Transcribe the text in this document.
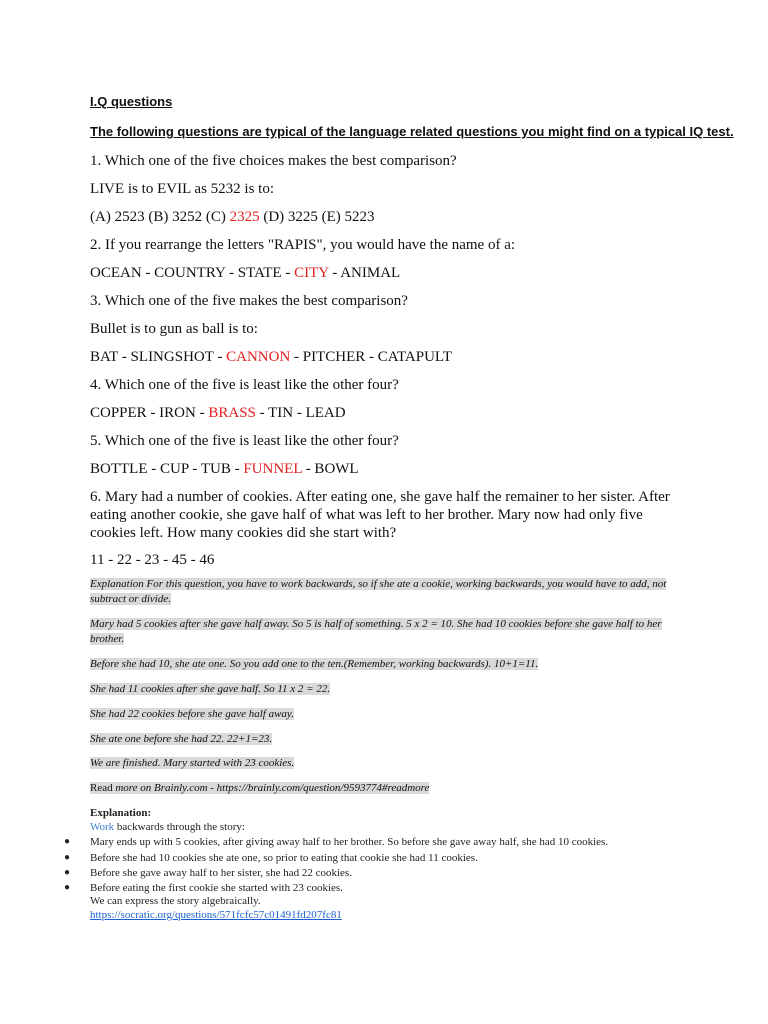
I.Q questions
The following questions are typical of the language related questions you might find on a typical IQ test.
1. Which one of the five choices makes the best comparison?
LIVE is to EVIL as 5232 is to:
(A) 2523 (B) 3252 (C) 2325 (D) 3225 (E) 5223
2. If you rearrange the letters "RAPIS", you would have the name of a:
OCEAN - COUNTRY - STATE - CITY - ANIMAL
3. Which one of the five makes the best comparison?
Bullet is to gun as ball is to:
BAT - SLINGSHOT - CANNON - PITCHER - CATAPULT
4. Which one of the five is least like the other four?
COPPER - IRON - BRASS - TIN - LEAD
5. Which one of the five is least like the other four?
BOTTLE - CUP - TUB - FUNNEL - BOWL
6. Mary had a number of cookies. After eating one, she gave half the remainer to her sister. After eating another cookie, she gave half of what was left to her brother. Mary now had only five cookies left. How many cookies did she start with?
11 - 22 - 23 - 45 - 46
Explanation For this question, you have to work backwards, so if she ate a cookie, working backwards, you would have to add, not subtract or divide.
Mary had 5 cookies after she gave half away. So 5 is half of something. 5 x 2 = 10. She had 10 cookies before she gave half to her brother.
Before she had 10, she ate one. So you add one to the ten.(Remember, working backwards). 10+1=11.
She had 11 cookies after she gave half. So 11 x 2 = 22.
She had 22 cookies before she gave half away.
She ate one before she had 22. 22+1=23.
We are finished. Mary started with 23 cookies.
Read more on Brainly.com - https://brainly.com/question/9593774#readmore
Explanation:
Work backwards through the story:
● Mary ends up with 5 cookies, after giving away half to her brother. So before she gave away half, she had 10 cookies.
● Before she had 10 cookies she ate one, so prior to eating that cookie she had 11 cookies.
● Before she gave away half to her sister, she had 22 cookies.
● Before eating the first cookie she started with 23 cookies.
We can express the story algebraically.
https://socratic.org/questions/571fcfc57c01491fd207fc81
